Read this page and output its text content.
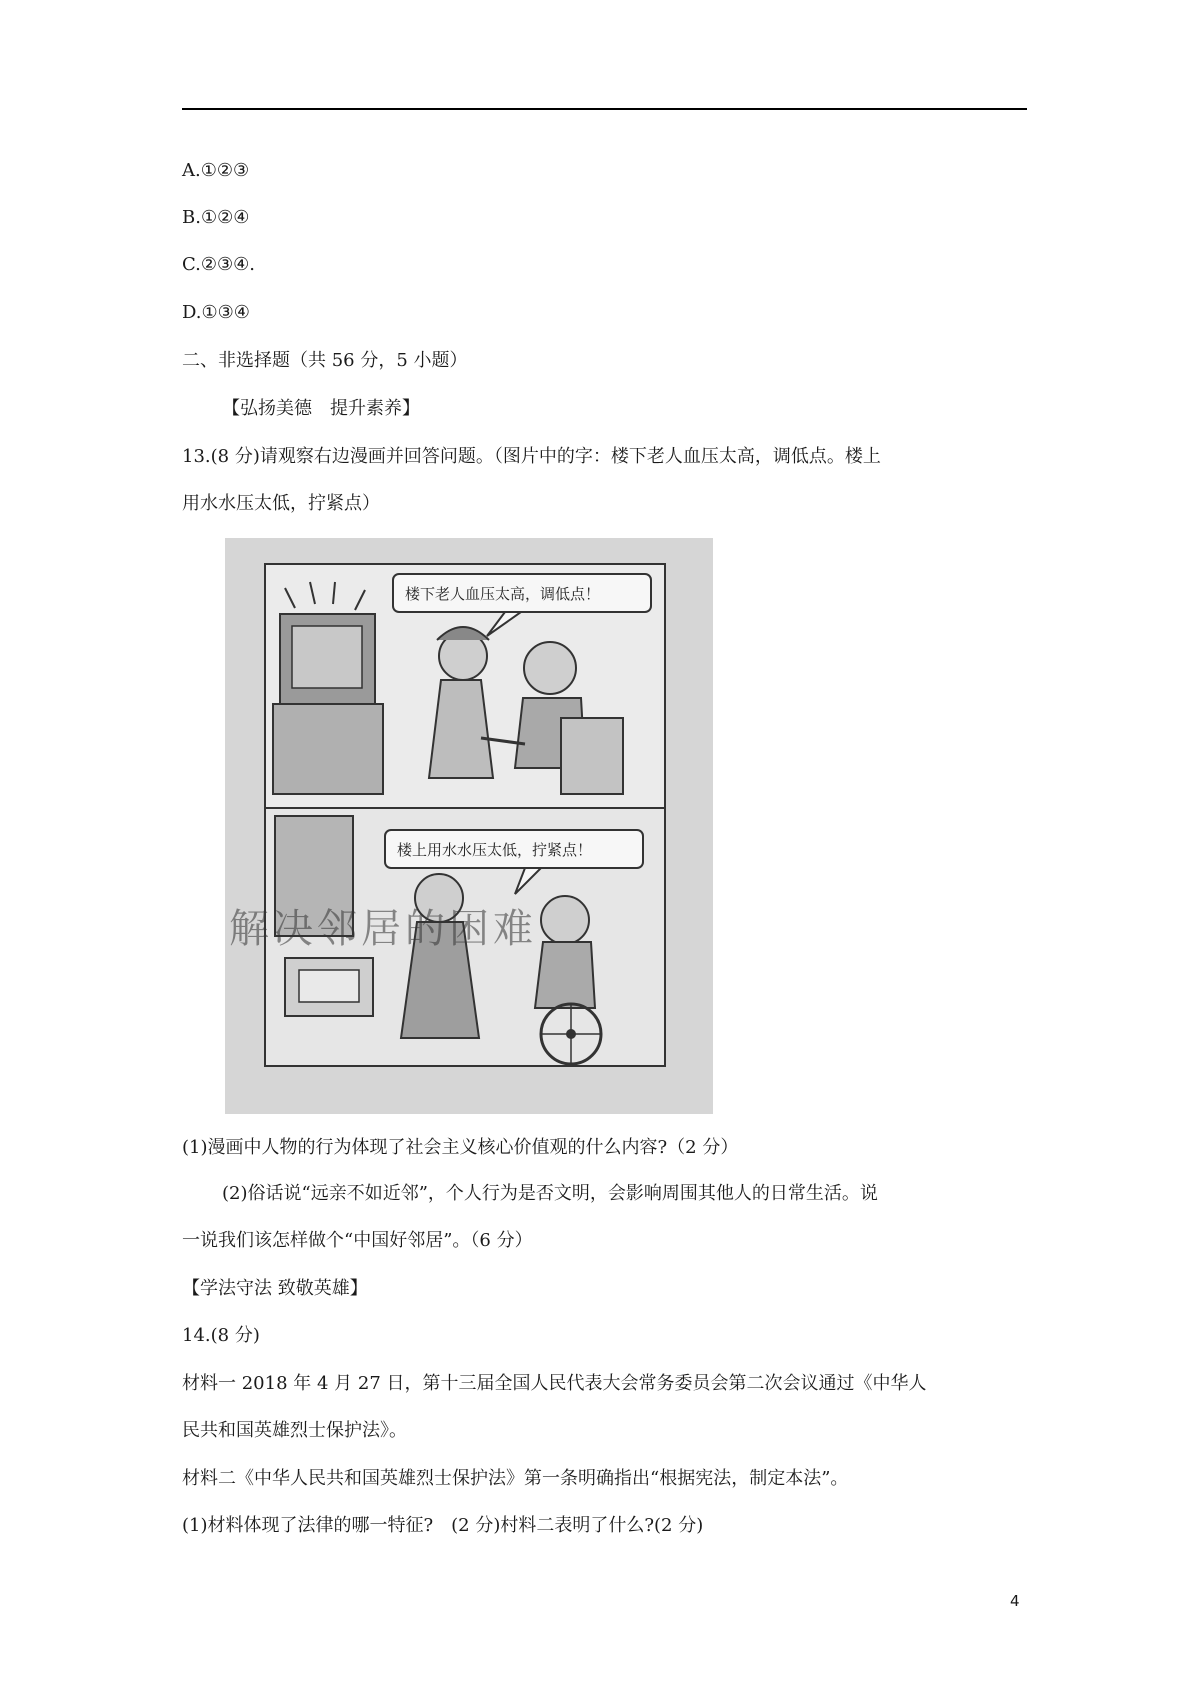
A.①②③
B.①②④
C.②③④.
D.①③④
二、非选择题（共 56 分，5 小题）
【弘扬美德　提升素养】
13.(8 分)请观察右边漫画并回答问题。（图片中的字：楼下老人血压太高，调低点。楼上
用水水压太低，拧紧点）
楼下老人血压太高，调低点！
楼上用水水压太低，拧紧点！
解决邻居的困难
(1)漫画中人物的行为体现了社会主义核心价值观的什么内容?（2 分）
(2)俗话说“远亲不如近邻”，个人行为是否文明，会影响周围其他人的日常生活。说
一说我们该怎样做个“中国好邻居”。（6 分）
【学法守法 致敬英雄】
14.(8 分)
材料一 2018 年 4 月 27 日，第十三届全国人民代表大会常务委员会第二次会议通过《中华人
民共和国英雄烈士保护法》。
材料二《中华人民共和国英雄烈士保护法》第一条明确指出“根据宪法，制定本法”。
(1)材料体现了法律的哪一特征?　(2 分)村料二表明了什么?(2 分)
4
